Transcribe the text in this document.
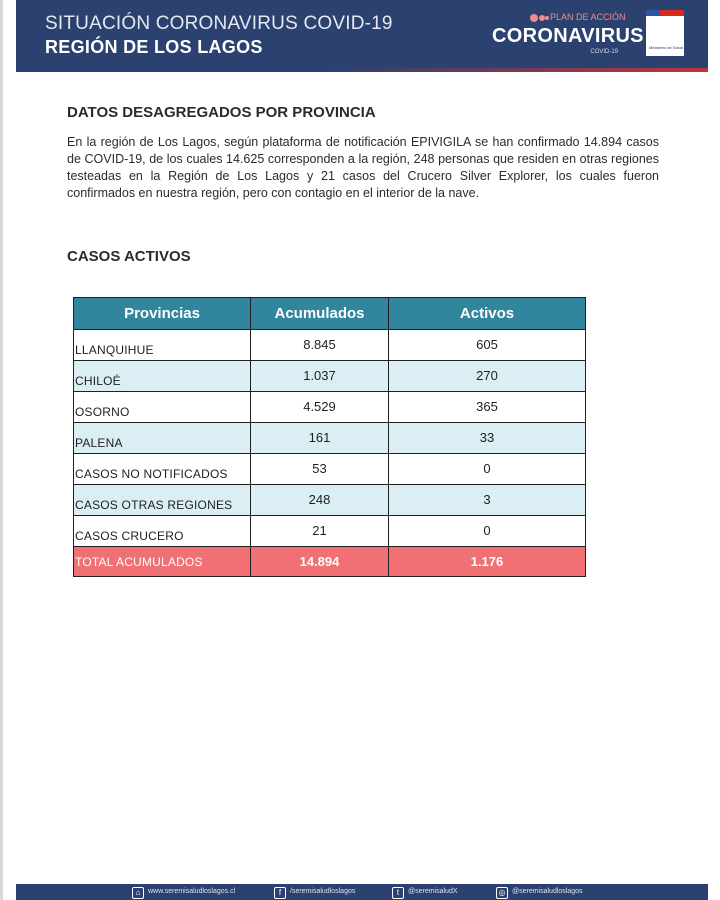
SITUACIÓN CORONAVIRUS COVID-19
REGIÓN DE LOS LAGOS
PLAN DE ACCIÓN
CORONAVIRUS
COVID-19
Ministerio de Salud
DATOS DESAGREGADOS POR PROVINCIA

En la región de Los Lagos, según plataforma de notificación EPIVIGILA se han confirmado 14.894 casos de COVID-19, de los cuales 14.625 corresponden a la región, 248 personas que residen en otras regiones testeadas en la Región de Los Lagos y 21 casos del Crucero Silver Explorer, los cuales fueron confirmados en nuestra región, pero con contagio en el interior de la nave.

CASOS ACTIVOS
Provincias	Acumulados	Activos
LLANQUIHUE	8.845	605
CHILOÉ	1.037	270
OSORNO	4.529	365
PALENA	161	33
CASOS NO NOTIFICADOS	53	0
CASOS OTRAS REGIONES	248	3
CASOS CRUCERO	21	0
TOTAL ACUMULADOS	14.894	1.176
⌂	www.seremisaludloslagos.cl	f	/seremisaludloslagos	t	@seremisaludX	◎ @seremisaludloslagos
